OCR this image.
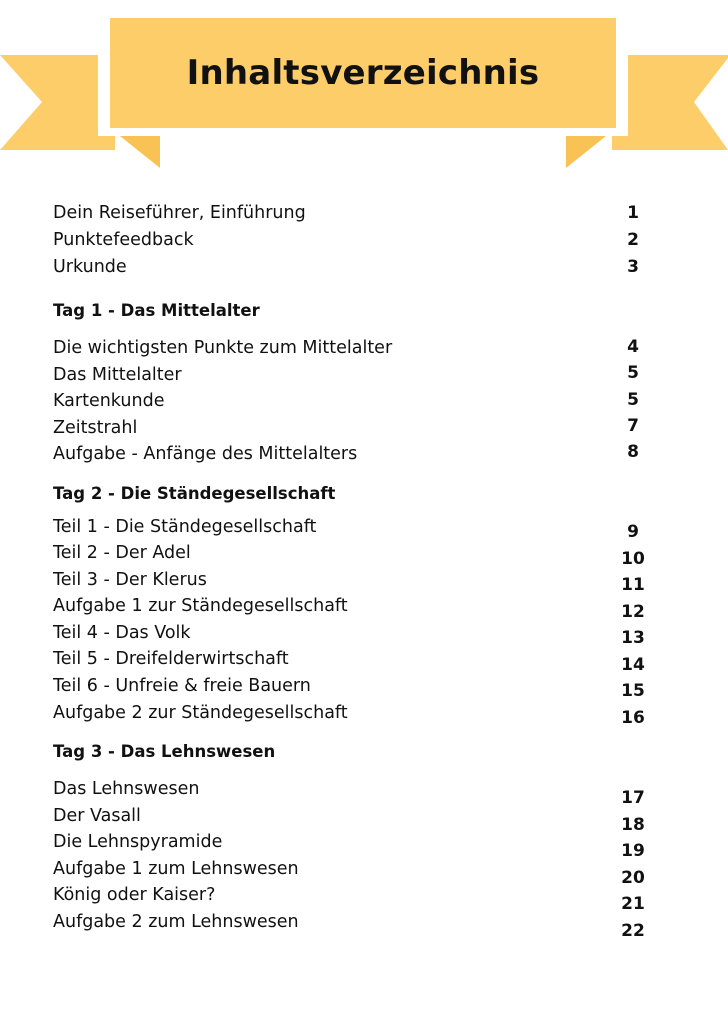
Inhaltsverzeichnis
Dein Reiseführer, Einführung	1
Punktefeedback	2
Urkunde	3
Tag 1 - Das Mittelalter
Die wichtigsten Punkte zum Mittelalter	4
Das Mittelalter	5
Kartenkunde	5
Zeitstrahl	7
Aufgabe - Anfänge des Mittelalters	8
Tag 2 - Die Ständegesellschaft
Teil 1 - Die Ständegesellschaft	9
Teil 2 - Der Adel	10
Teil 3 - Der Klerus	11
Aufgabe 1 zur Ständegesellschaft	12
Teil 4 - Das Volk	13
Teil 5 - Dreifelderwirtschaft	14
Teil 6 - Unfreie & freie Bauern	15
Aufgabe 2 zur Ständegesellschaft	16
Tag 3 - Das Lehnswesen
Das Lehnswesen	17
Der Vasall	18
Die Lehnspyramide	19
Aufgabe 1 zum Lehnswesen	20
König oder Kaiser?	21
Aufgabe 2 zum Lehnswesen	22
